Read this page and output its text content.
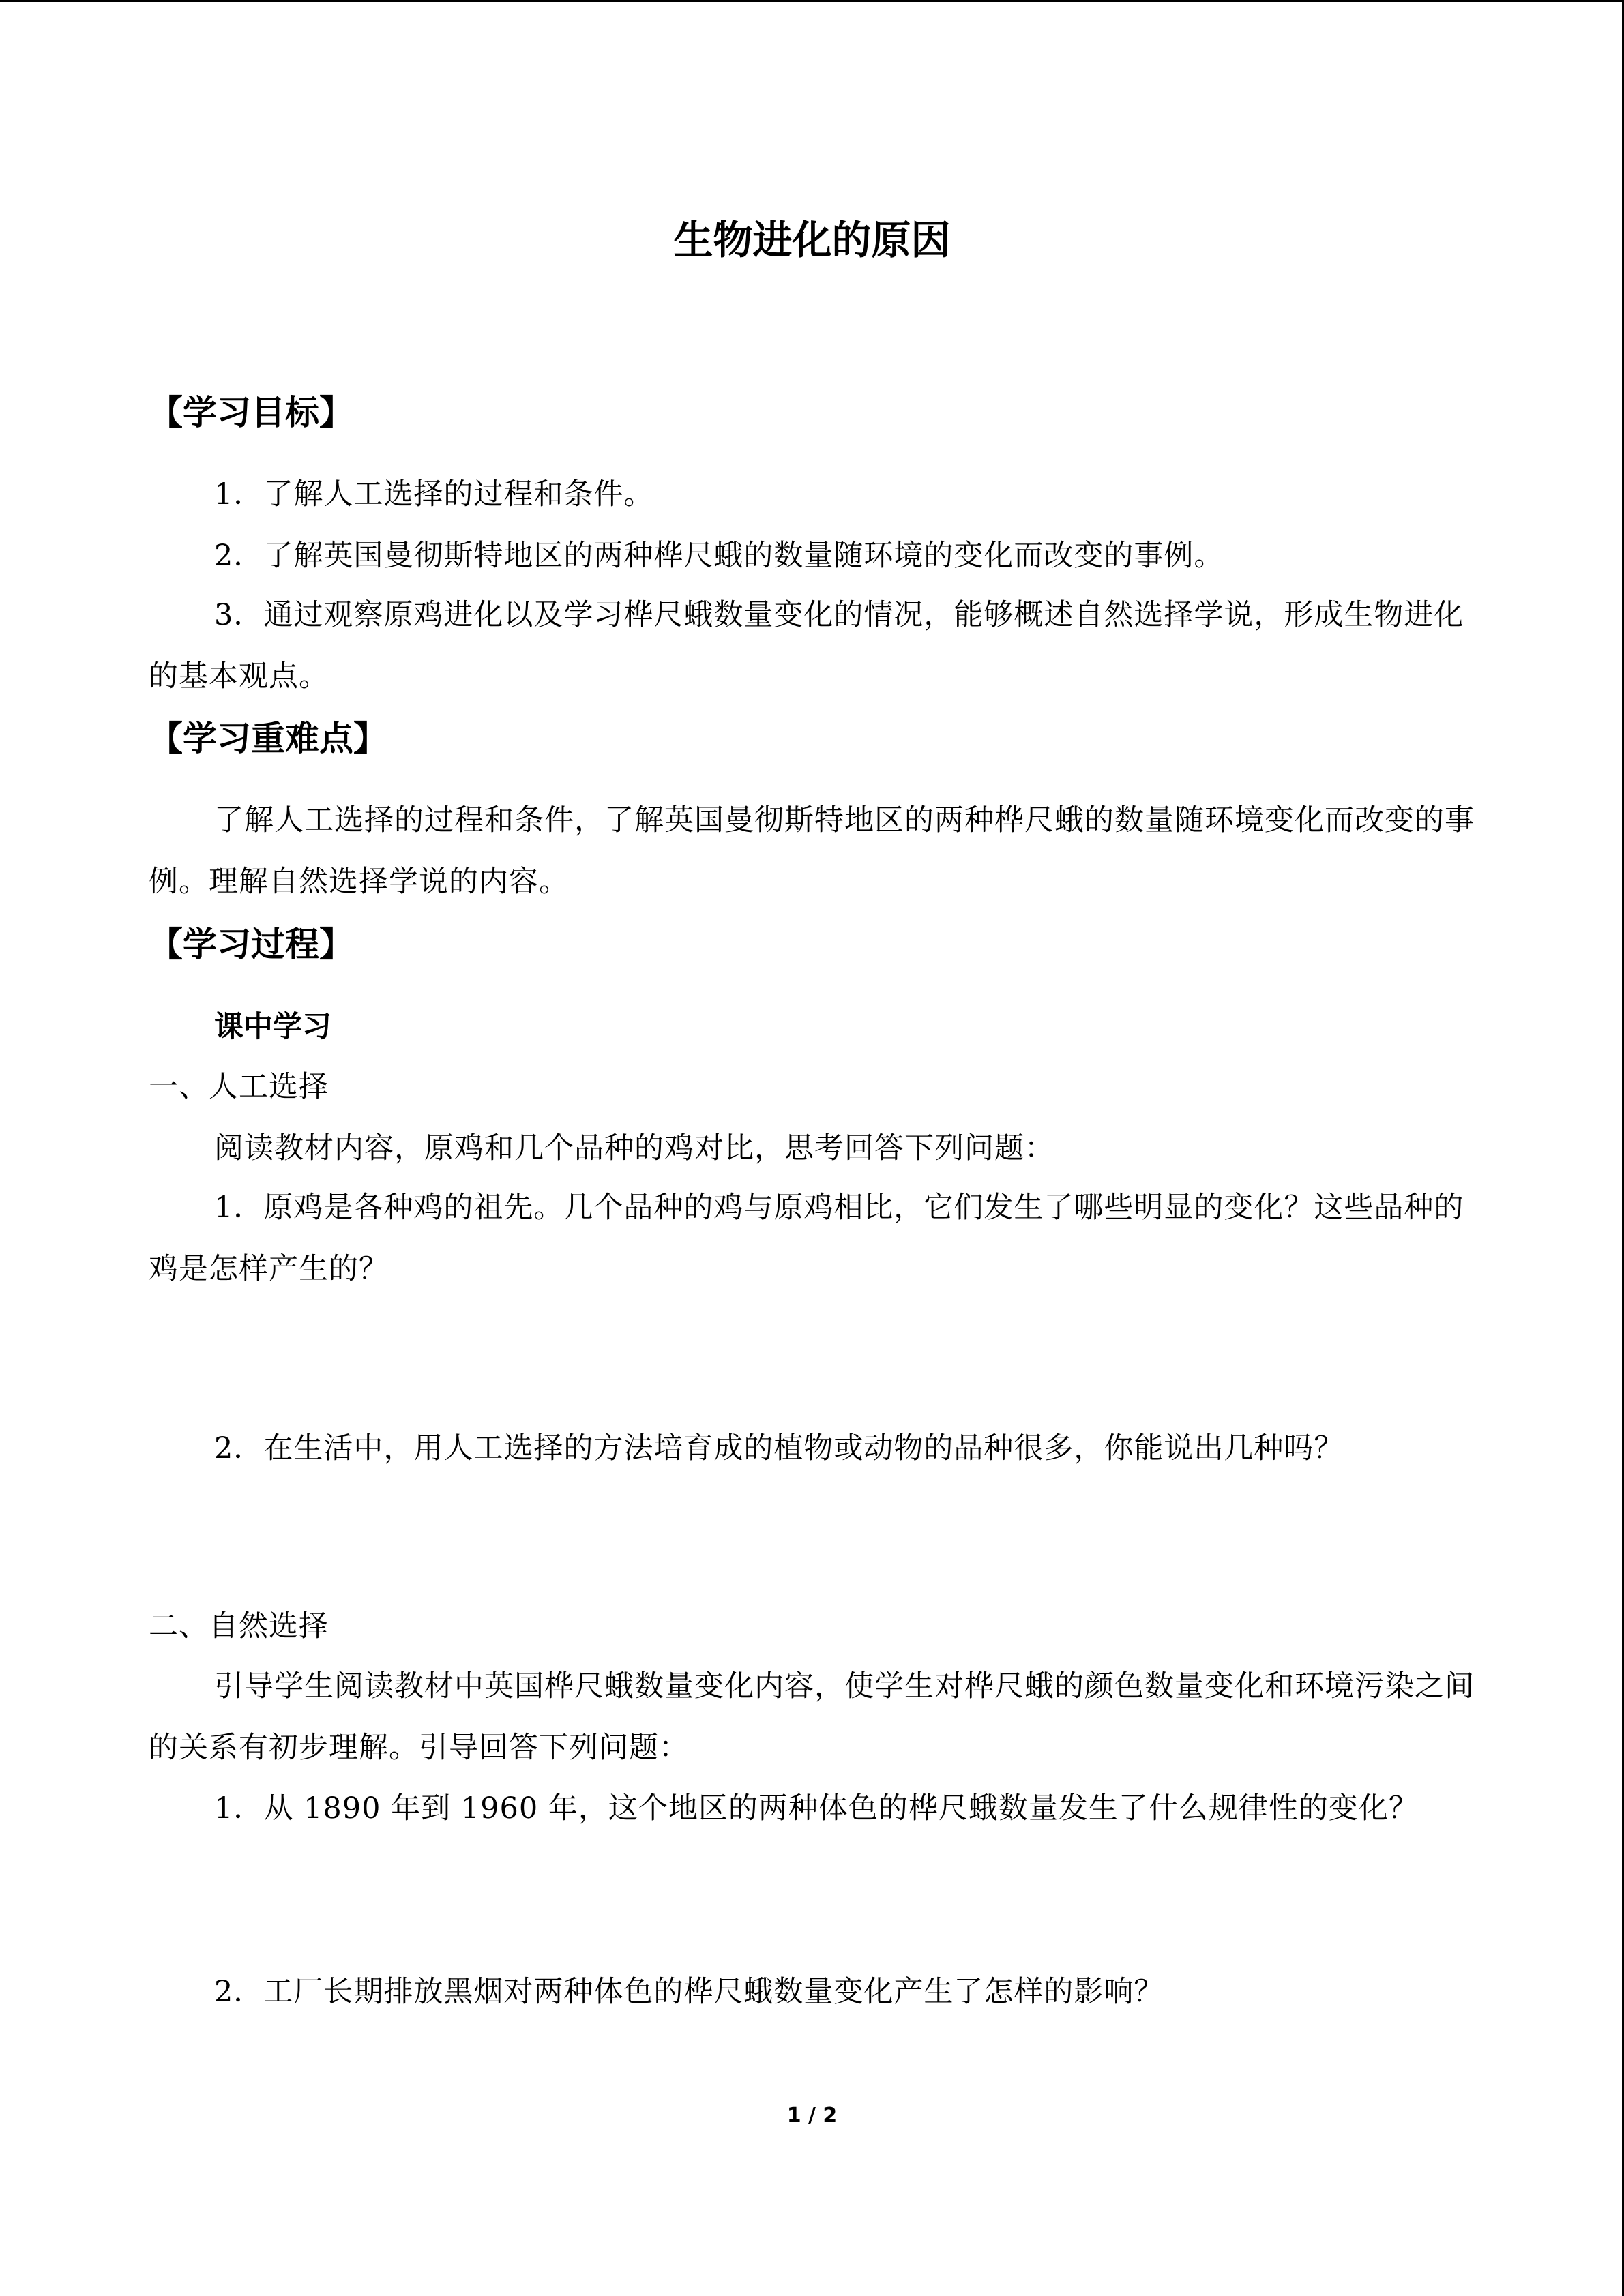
生物进化的原因
【学习目标】
1．了解人工选择的过程和条件。
2．了解英国曼彻斯特地区的两种桦尺蛾的数量随环境的变化而改变的事例。
3．通过观察原鸡进化以及学习桦尺蛾数量变化的情况，能够概述自然选择学说，形成生物进化的基本观点。
【学习重难点】
了解人工选择的过程和条件，了解英国曼彻斯特地区的两种桦尺蛾的数量随环境变化而改变的事例。理解自然选择学说的内容。
【学习过程】
课中学习
一、人工选择
阅读教材内容，原鸡和几个品种的鸡对比，思考回答下列问题：
1．原鸡是各种鸡的祖先。几个品种的鸡与原鸡相比，它们发生了哪些明显的变化？这些品种的鸡是怎样产生的？
2．在生活中，用人工选择的方法培育成的植物或动物的品种很多，你能说出几种吗？
二、自然选择
引导学生阅读教材中英国桦尺蛾数量变化内容，使学生对桦尺蛾的颜色数量变化和环境污染之间的关系有初步理解。引导回答下列问题：
1．从 1890 年到 1960 年，这个地区的两种体色的桦尺蛾数量发生了什么规律性的变化？
2．工厂长期排放黑烟对两种体色的桦尺蛾数量变化产生了怎样的影响？
1 / 2
